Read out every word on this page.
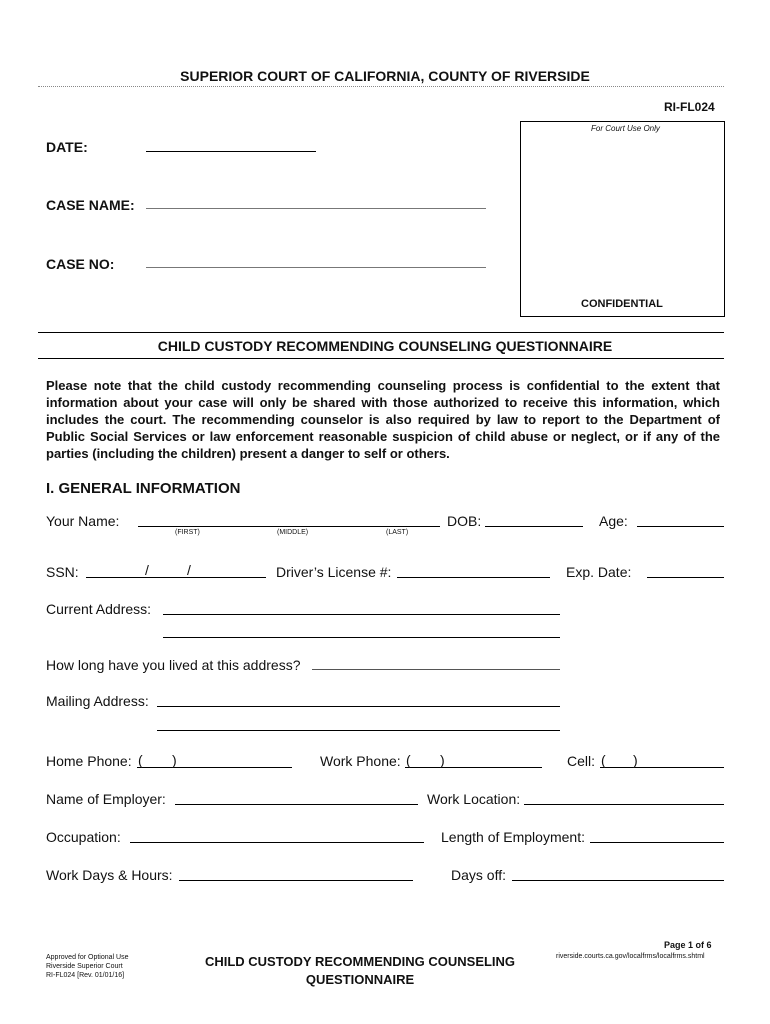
SUPERIOR COURT OF CALIFORNIA, COUNTY OF RIVERSIDE
RI-FL024
For Court Use Only
CONFIDENTIAL
DATE:
CASE NAME:
CASE NO:
CHILD CUSTODY RECOMMENDING COUNSELING QUESTIONNAIRE
Please note that the child custody recommending counseling process is confidential to the extent that information about your case will only be shared with those authorized to receive this information, which includes the court. The recommending counselor is also required by law to report to the Department of Public Social Services or law enforcement reasonable suspicion of child abuse or neglect, or if any of the parties (including the children) present a danger to self or others.
I. GENERAL INFORMATION
Your Name:
(FIRST)	(MIDDLE)	(LAST)
DOB:	Age:
SSN:	/	/	Driver’s License #:	Exp. Date:
Current Address:
How long have you lived at this address?
Mailing Address:
Home Phone: ( )	Work Phone: ( )	Cell: ( )
Name of Employer:	Work Location:
Occupation:	Length of Employment:
Work Days & Hours:	Days off:
Page 1 of 6
Approved for Optional Use
Riverside Superior Court
RI-FL024 [Rev. 01/01/16]
CHILD CUSTODY RECOMMENDING COUNSELING
QUESTIONNAIRE
riverside.courts.ca.gov/localfrms/localfrms.shtml
